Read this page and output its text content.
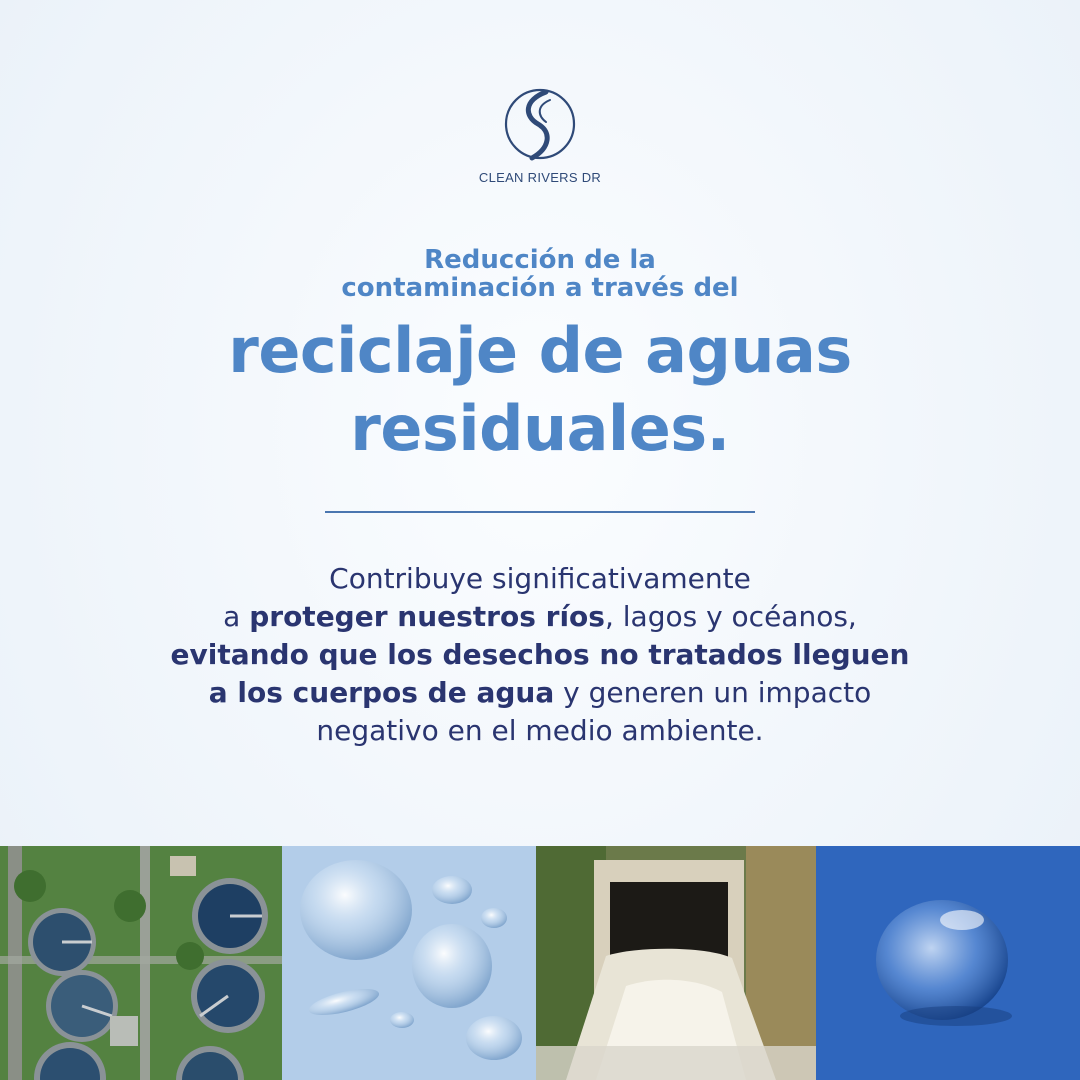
CLEAN RIVERS DR
Reducción de la
contaminación a través del
reciclaje de aguas
residuales.
Contribuye significativamente
a proteger nuestros ríos, lagos y océanos,
evitando que los desechos no tratados lleguen
a los cuerpos de agua y generen un impacto
negativo en el medio ambiente.
